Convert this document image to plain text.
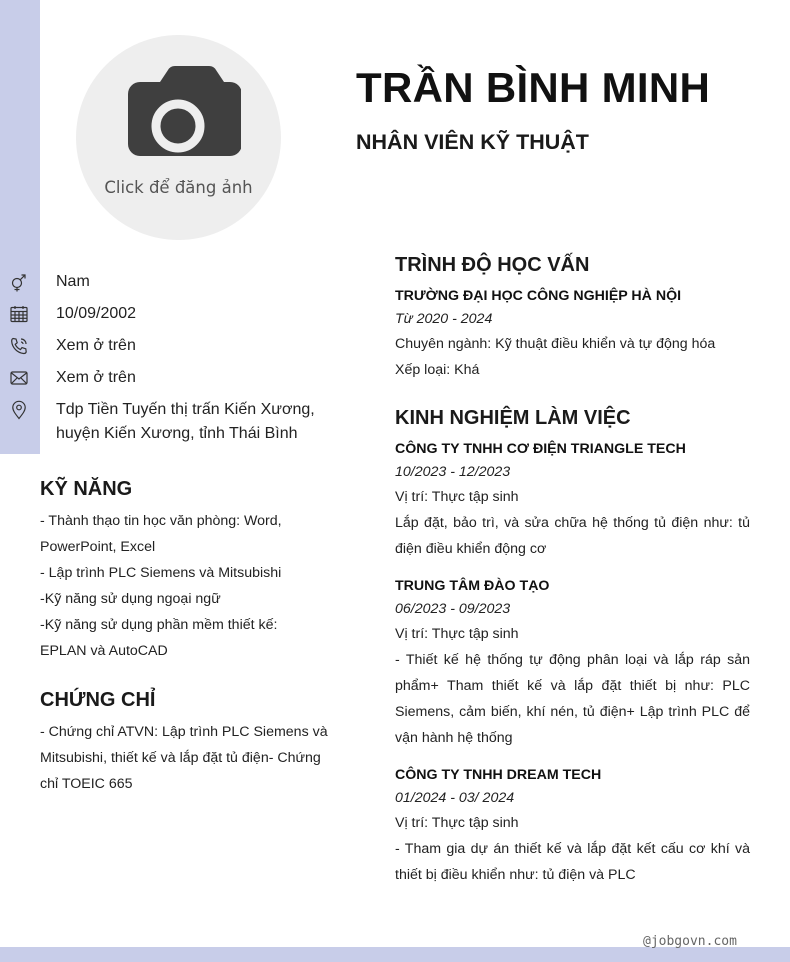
Click để đăng ảnh
TRẦN BÌNH MINH
NHÂN VIÊN KỸ THUẬT
Nam
10/09/2002
Xem ở trên
Xem ở trên
Tdp Tiền Tuyến thị trấn Kiến Xương,
huyện Kiến Xương, tỉnh Thái Bình
KỸ NĂNG
- Thành thạo tin học văn phòng: Word,
PowerPoint, Excel
- Lập trình PLC Siemens và Mitsubishi
-Kỹ năng sử dụng ngoại ngữ
-Kỹ năng sử dụng phần mềm thiết kế:
EPLAN và AutoCAD
CHỨNG CHỈ
- Chứng chỉ ATVN: Lập trình PLC Siemens và
Mitsubishi, thiết kế và lắp đặt tủ điện- Chứng
chỉ TOEIC 665
TRÌNH ĐỘ HỌC VẤN
TRƯỜNG ĐẠI HỌC CÔNG NGHIỆP HÀ NỘI
Từ 2020 - 2024
Chuyên ngành: Kỹ thuật điều khiển và tự động hóa
Xếp loại: Khá
KINH NGHIỆM LÀM VIỆC
CÔNG TY TNHH CƠ ĐIỆN TRIANGLE TECH
10/2023 - 12/2023
Vị trí: Thực tập sinh
Lắp đặt, bảo trì, và sửa chữa hệ thống tủ điện như: tủ điện điều khiển động cơ
TRUNG TÂM ĐÀO TẠO
06/2023 - 09/2023
Vị trí: Thực tập sinh
- Thiết kế hệ thống tự động phân loại và lắp ráp sản phẩm+ Tham thiết kế và lắp đặt thiết bị như: PLC Siemens, cảm biến, khí nén, tủ điện+ Lập trình PLC để vận hành hệ thống
CÔNG TY TNHH DREAM TECH
01/2024 - 03/ 2024
Vị trí: Thực tập sinh
- Tham gia dự án thiết kế và lắp đặt kết cấu cơ khí và thiết bị điều khiển như: tủ điện và PLC
@jobgovn.com
